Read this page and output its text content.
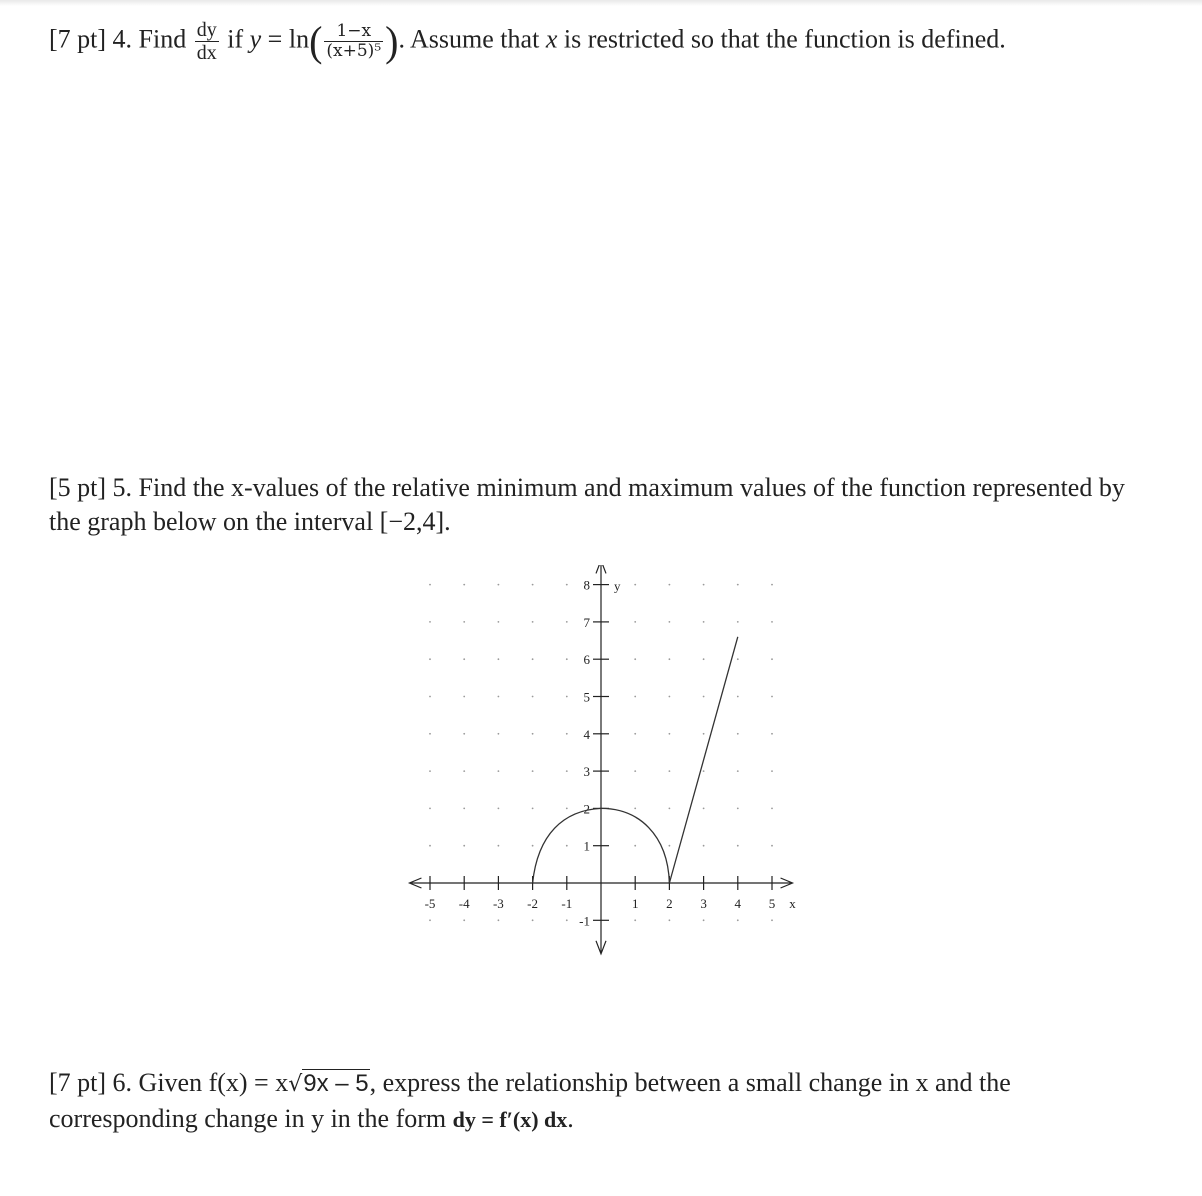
[7 pt] 4. Find $\frac{dy}{dx}$ if $y = \ln( \frac{1-x}{\text{(x+5)⁵}}$ ). Assume that x is restricted so that the function is defined.
[5 pt] 5. Find the x-values of the relative minimum and maximum values of the function represented by the graph below on the interval [−2,4].
-5 -4 -3 -2 -1	1 2 3 4 5 x
-1
1
2
3
4
5
6
7
8 y
[7 pt] 6. Given f(x) = x√9x – 5, express the relationship between a small change in x and the corresponding change in y in the form dy = f′(x) dx.
